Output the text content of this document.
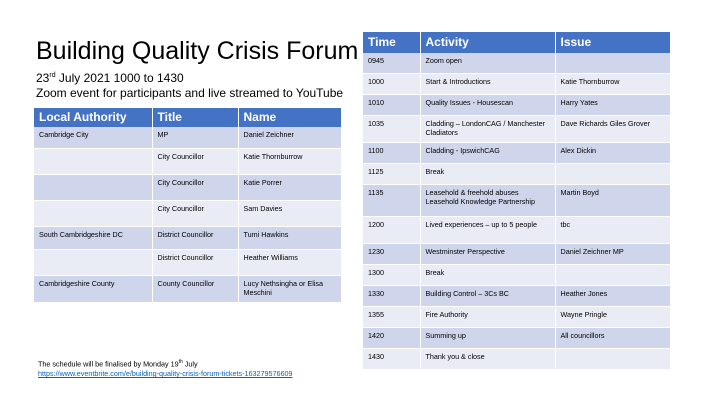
Building Quality Crisis Forum
23rd July 2021 1000 to 1430
Zoom event for participants and live streamed to YouTube
Local Authority	Title	Name
Cambridge City	MP	Daniel Zeichner
	City Councillor	Katie Thornburrow
	City Councillor	Katie Porrer
	City Councillor	Sam Davies
South Cambridgeshire DC	District Councillor	Tumi Hawkins
	District Councillor	Heather Williams
Cambridgeshire County	County Councillor	Lucy Nethsingha or Elisa Meschini
Time	Activity	Issue
0945	Zoom open	
1000	Start & Introductions	Katie Thornburrow
1010	Quality Issues - Housescan	Harry Yates
1035	Cladding – LondonCAG / Manchester Cladiators	Dave Richards Giles Grover
1100	Cladding - IpswichCAG	Alex Dickin
1125	Break	
1135	Leasehold & freehold abuses Leasehold Knowledge Partnership	Martin Boyd
1200	Lived experiences – up to 5 people	tbc
1230	Westminster Perspective	Daniel Zeichner MP
1300	Break	
1330	Building Control – 3Cs BC	Heather Jones
1355	Fire Authority	Wayne Pringle
1420	Summing up	All councillors
1430	Thank you & close	
The schedule will be finalised by Monday 19th July
https://www.eventbrite.com/e/building-quality-crisis-forum-tickets-163279576609
